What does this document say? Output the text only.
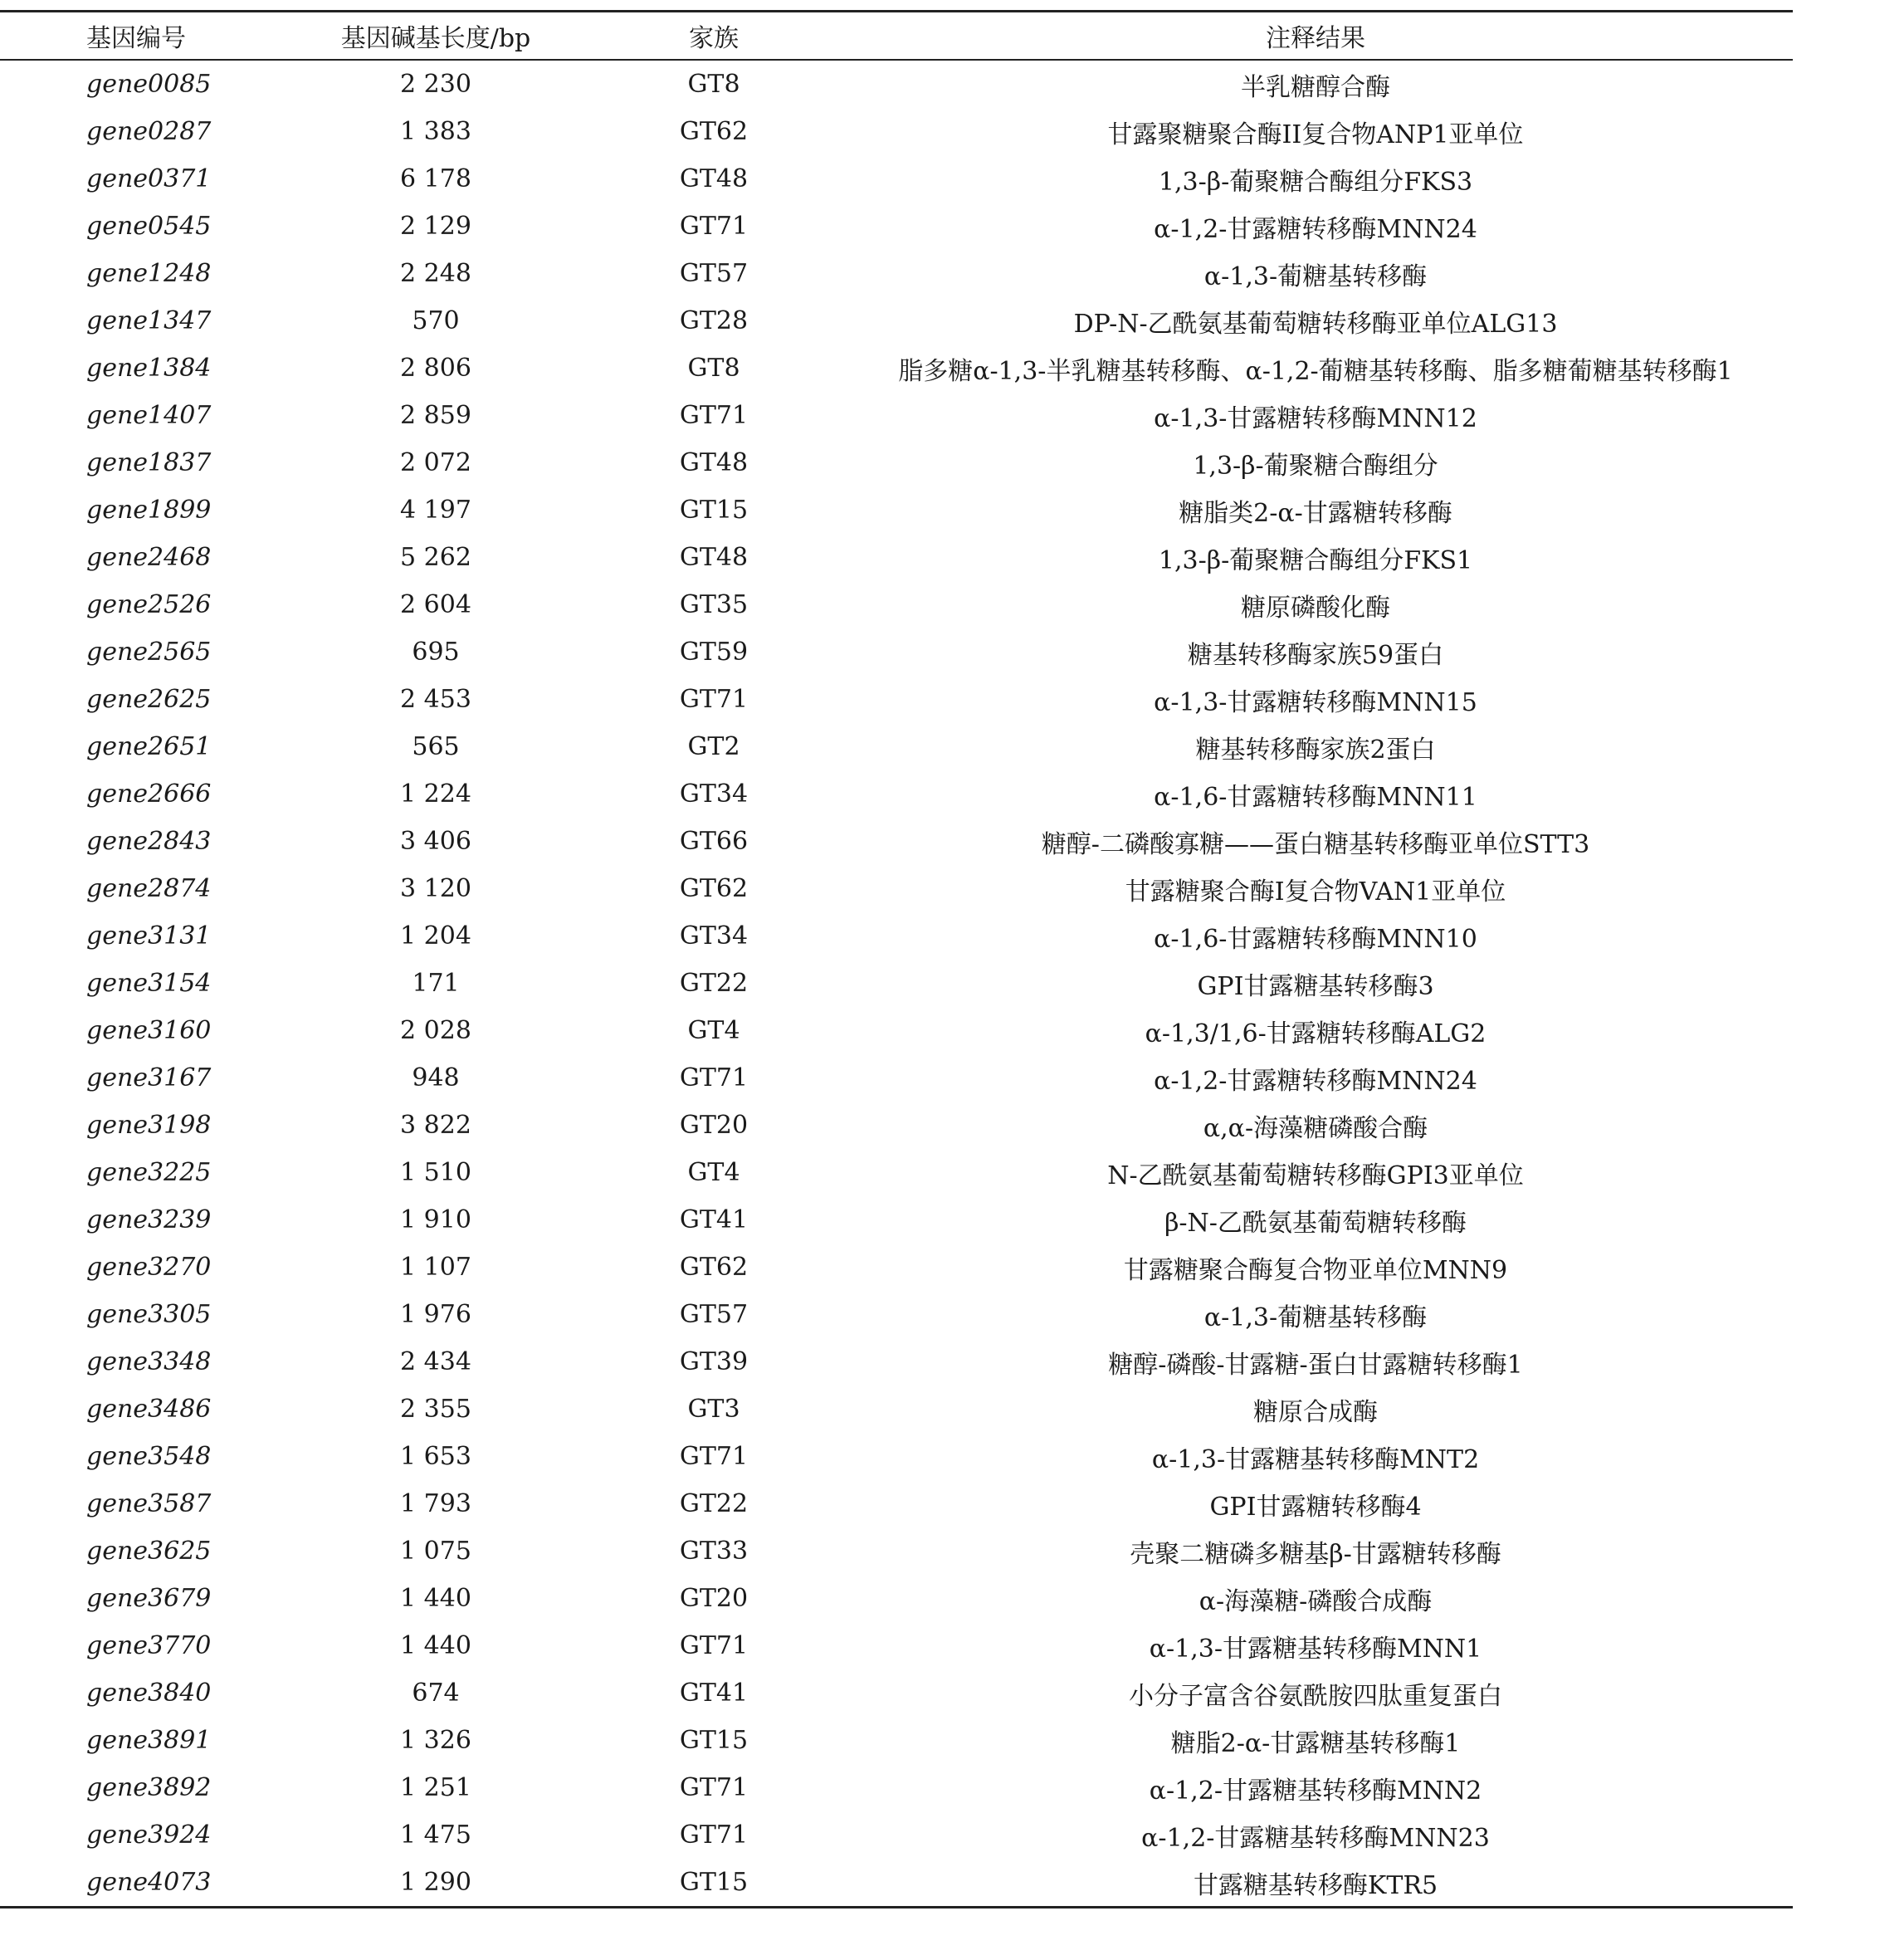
基因编号	基因碱基长度/bp	家族	注释结果
gene0085	2 230	GT8	半乳糖醇合酶
gene0287	1 383	GT62	甘露聚糖聚合酶II复合物ANP1亚单位
gene0371	6 178	GT48	1,3-β-葡聚糖合酶组分FKS3
gene0545	2 129	GT71	α-1,2-甘露糖转移酶MNN24
gene1248	2 248	GT57	α-1,3-葡糖基转移酶
gene1347	570	GT28	DP-N-乙酰氨基葡萄糖转移酶亚单位ALG13
gene1384	2 806	GT8	脂多糖α-1,3-半乳糖基转移酶、α-1,2-葡糖基转移酶、脂多糖葡糖基转移酶1
gene1407	2 859	GT71	α-1,3-甘露糖转移酶MNN12
gene1837	2 072	GT48	1,3-β-葡聚糖合酶组分
gene1899	4 197	GT15	糖脂类2-α-甘露糖转移酶
gene2468	5 262	GT48	1,3-β-葡聚糖合酶组分FKS1
gene2526	2 604	GT35	糖原磷酸化酶
gene2565	695	GT59	糖基转移酶家族59蛋白
gene2625	2 453	GT71	α-1,3-甘露糖转移酶MNN15
gene2651	565	GT2	糖基转移酶家族2蛋白
gene2666	1 224	GT34	α-1,6-甘露糖转移酶MNN11
gene2843	3 406	GT66	糖醇-二磷酸寡糖——蛋白糖基转移酶亚单位STT3
gene2874	3 120	GT62	甘露糖聚合酶I复合物VAN1亚单位
gene3131	1 204	GT34	α-1,6-甘露糖转移酶MNN10
gene3154	171	GT22	GPI甘露糖基转移酶3
gene3160	2 028	GT4	α-1,3/1,6-甘露糖转移酶ALG2
gene3167	948	GT71	α-1,2-甘露糖转移酶MNN24
gene3198	3 822	GT20	α,α-海藻糖磷酸合酶
gene3225	1 510	GT4	N-乙酰氨基葡萄糖转移酶GPI3亚单位
gene3239	1 910	GT41	β-N-乙酰氨基葡萄糖转移酶
gene3270	1 107	GT62	甘露糖聚合酶复合物亚单位MNN9
gene3305	1 976	GT57	α-1,3-葡糖基转移酶
gene3348	2 434	GT39	糖醇-磷酸-甘露糖-蛋白甘露糖转移酶1
gene3486	2 355	GT3	糖原合成酶
gene3548	1 653	GT71	α-1,3-甘露糖基转移酶MNT2
gene3587	1 793	GT22	GPI甘露糖转移酶4
gene3625	1 075	GT33	壳聚二糖磷多糖基β-甘露糖转移酶
gene3679	1 440	GT20	α-海藻糖-磷酸合成酶
gene3770	1 440	GT71	α-1,3-甘露糖基转移酶MNN1
gene3840	674	GT41	小分子富含谷氨酰胺四肽重复蛋白
gene3891	1 326	GT15	糖脂2-α-甘露糖基转移酶1
gene3892	1 251	GT71	α-1,2-甘露糖基转移酶MNN2
gene3924	1 475	GT71	α-1,2-甘露糖基转移酶MNN23
gene4073	1 290	GT15	甘露糖基转移酶KTR5
